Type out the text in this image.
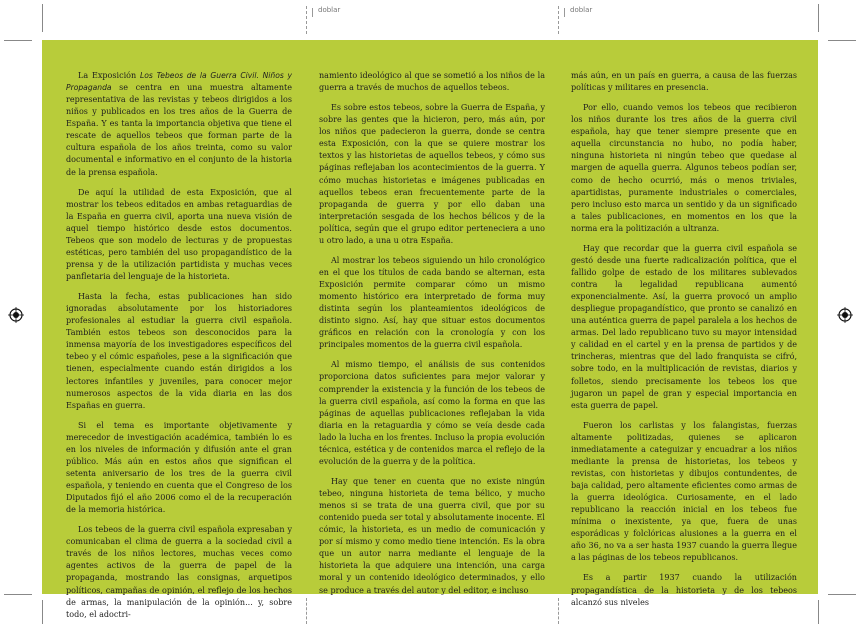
doblar	doblar

La Exposición Los Tebeos de la Guerra Civil. Niños y Propaganda se centra en una muestra altamente representativa de las revistas y tebeos dirigidos a los niños y publicados en los tres años de la Guerra de España. Y es tanta la importancia objetiva que tiene el rescate de aquellos tebeos que forman parte de la cultura española de los años treinta, como su valor documental e informativo en el conjunto de la historia de la prensa española.

De aquí la utilidad de esta Exposición, que al mostrar los tebeos editados en ambas retaguardias de la España en guerra civil, aporta una nueva visión de aquel tiempo histórico desde estos documentos. Tebeos que son modelo de lecturas y de propuestas estéticas, pero también del uso propagandístico de la prensa y de la utilización partidista y muchas veces panfletaria del lenguaje de la historieta.

Hasta la fecha, estas publicaciones han sido ignoradas absolutamente por los historiadores profesionales al estudiar la guerra civil española. También estos tebeos son desconocidos para la inmensa mayoría de los investigadores específicos del tebeo y el cómic españoles, pese a la significación que tienen, especialmente cuando están dirigidos a los lectores infantiles y juveniles, para conocer mejor numerosos aspectos de la vida diaria en las dos Españas en guerra.

Si el tema es importante objetivamente y merecedor de investigación académica, también lo es en los niveles de información y difusión ante el gran público. Más aún en estos años que significan el setenta aniversario de los tres de la guerra civil española, y teniendo en cuenta que el Congreso de los Diputados fijó el año 2006 como el de la recuperación de la memoria histórica.

Los tebeos de la guerra civil española expresaban y comunicaban el clima de guerra a la sociedad civil a través de los niños lectores, muchas veces como agentes activos de la guerra de papel de la propaganda, mostrando las consignas, arquetipos políticos, campañas de opinión, el reflejo de los hechos de armas, la manipulación de la opinión... y, sobre todo, el adoctri-

namiento ideológico al que se sometió a los niños de la guerra a través de muchos de aquellos tebeos.

Es sobre estos tebeos, sobre la Guerra de España, y sobre las gentes que la hicieron, pero, más aún, por los niños que padecieron la guerra, donde se centra esta Exposición, con la que se quiere mostrar los textos y las historietas de aquellos tebeos, y cómo sus páginas reflejaban los acontecimientos de la guerra. Y cómo muchas historietas e imágenes publicadas en aquellos tebeos eran frecuentemente parte de la propaganda de guerra y por ello daban una interpretación sesgada de los hechos bélicos y de la política, según que el grupo editor perteneciera a uno u otro lado, a una u otra España.

Al mostrar los tebeos siguiendo un hilo cronológico en el que los títulos de cada bando se alternan, esta Exposición permite comparar cómo un mismo momento histórico era interpretado de forma muy distinta según los planteamientos ideológicos de distinto signo. Así, hay que situar estos documentos gráficos en relación con la cronología y con los principales momentos de la guerra civil española.

Al mismo tiempo, el análisis de sus contenidos proporciona datos suficientes para mejor valorar y comprender la existencia y la función de los tebeos de la guerra civil española, así como la forma en que las páginas de aquellas publicaciones reflejaban la vida diaria en la retaguardia y cómo se veía desde cada lado la lucha en los frentes. Incluso la propia evolución técnica, estética y de contenidos marca el reflejo de la evolución de la guerra y de la política.

Hay que tener en cuenta que no existe ningún tebeo, ninguna historieta de tema bélico, y mucho menos si se trata de una guerra civil, que por su contenido pueda ser total y absolutamente inocente. El cómic, la historieta, es un medio de comunicación y por sí mismo y como medio tiene intención. Es la obra que un autor narra mediante el lenguaje de la historieta la que adquiere una intención, una carga moral y un contenido ideológico determinados, y ello se produce a través del autor y del editor, e incluso

más aún, en un país en guerra, a causa de las fuerzas políticas y militares en presencia.

Por ello, cuando vemos los tebeos que recibieron los niños durante los tres años de la guerra civil española, hay que tener siempre presente que en aquella circunstancia no hubo, no podía haber, ninguna historieta ni ningún tebeo que quedase al margen de aquella guerra. Algunos tebeos podían ser, como de hecho ocurrió, más o menos triviales, apartidistas, puramente industriales o comerciales, pero incluso esto marca un sentido y da un significado a tales publicaciones, en momentos en los que la norma era la politización a ultranza.

Hay que recordar que la guerra civil española se gestó desde una fuerte radicalización política, que el fallido golpe de estado de los militares sublevados contra la legalidad republicana aumentó exponencialmente. Así, la guerra provocó un amplio despliegue propagandístico, que pronto se canalizó en una auténtica guerra de papel paralela a los hechos de armas. Del lado republicano tuvo su mayor intensidad y calidad en el cartel y en la prensa de partidos y de trincheras, mientras que del lado franquista se cifró, sobre todo, en la multiplicación de revistas, diarios y folletos, siendo precisamente los tebeos los que jugaron un papel de gran y especial importancia en esta guerra de papel.

Fueron los carlistas y los falangistas, fuerzas altamente politizadas, quienes se aplicaron inmediatamente a categuizar y encuadrar a los niños mediante la prensa de historietas, los tebeos y revistas, con historietas y dibujos contundentes, de baja calidad, pero altamente eficientes como armas de la guerra ideológica. Curiosamente, en el lado republicano la reacción inicial en los tebeos fue mínima o inexistente, ya que, fuera de unas esporádicas y folclóricas alusiones a la guerra en el año 36, no va a ser hasta 1937 cuando la guerra llegue a las páginas de los tebeos republicanos.

Es a partir 1937 cuando la utilización propagandística de la historieta y de los tebeos alcanzó sus niveles
